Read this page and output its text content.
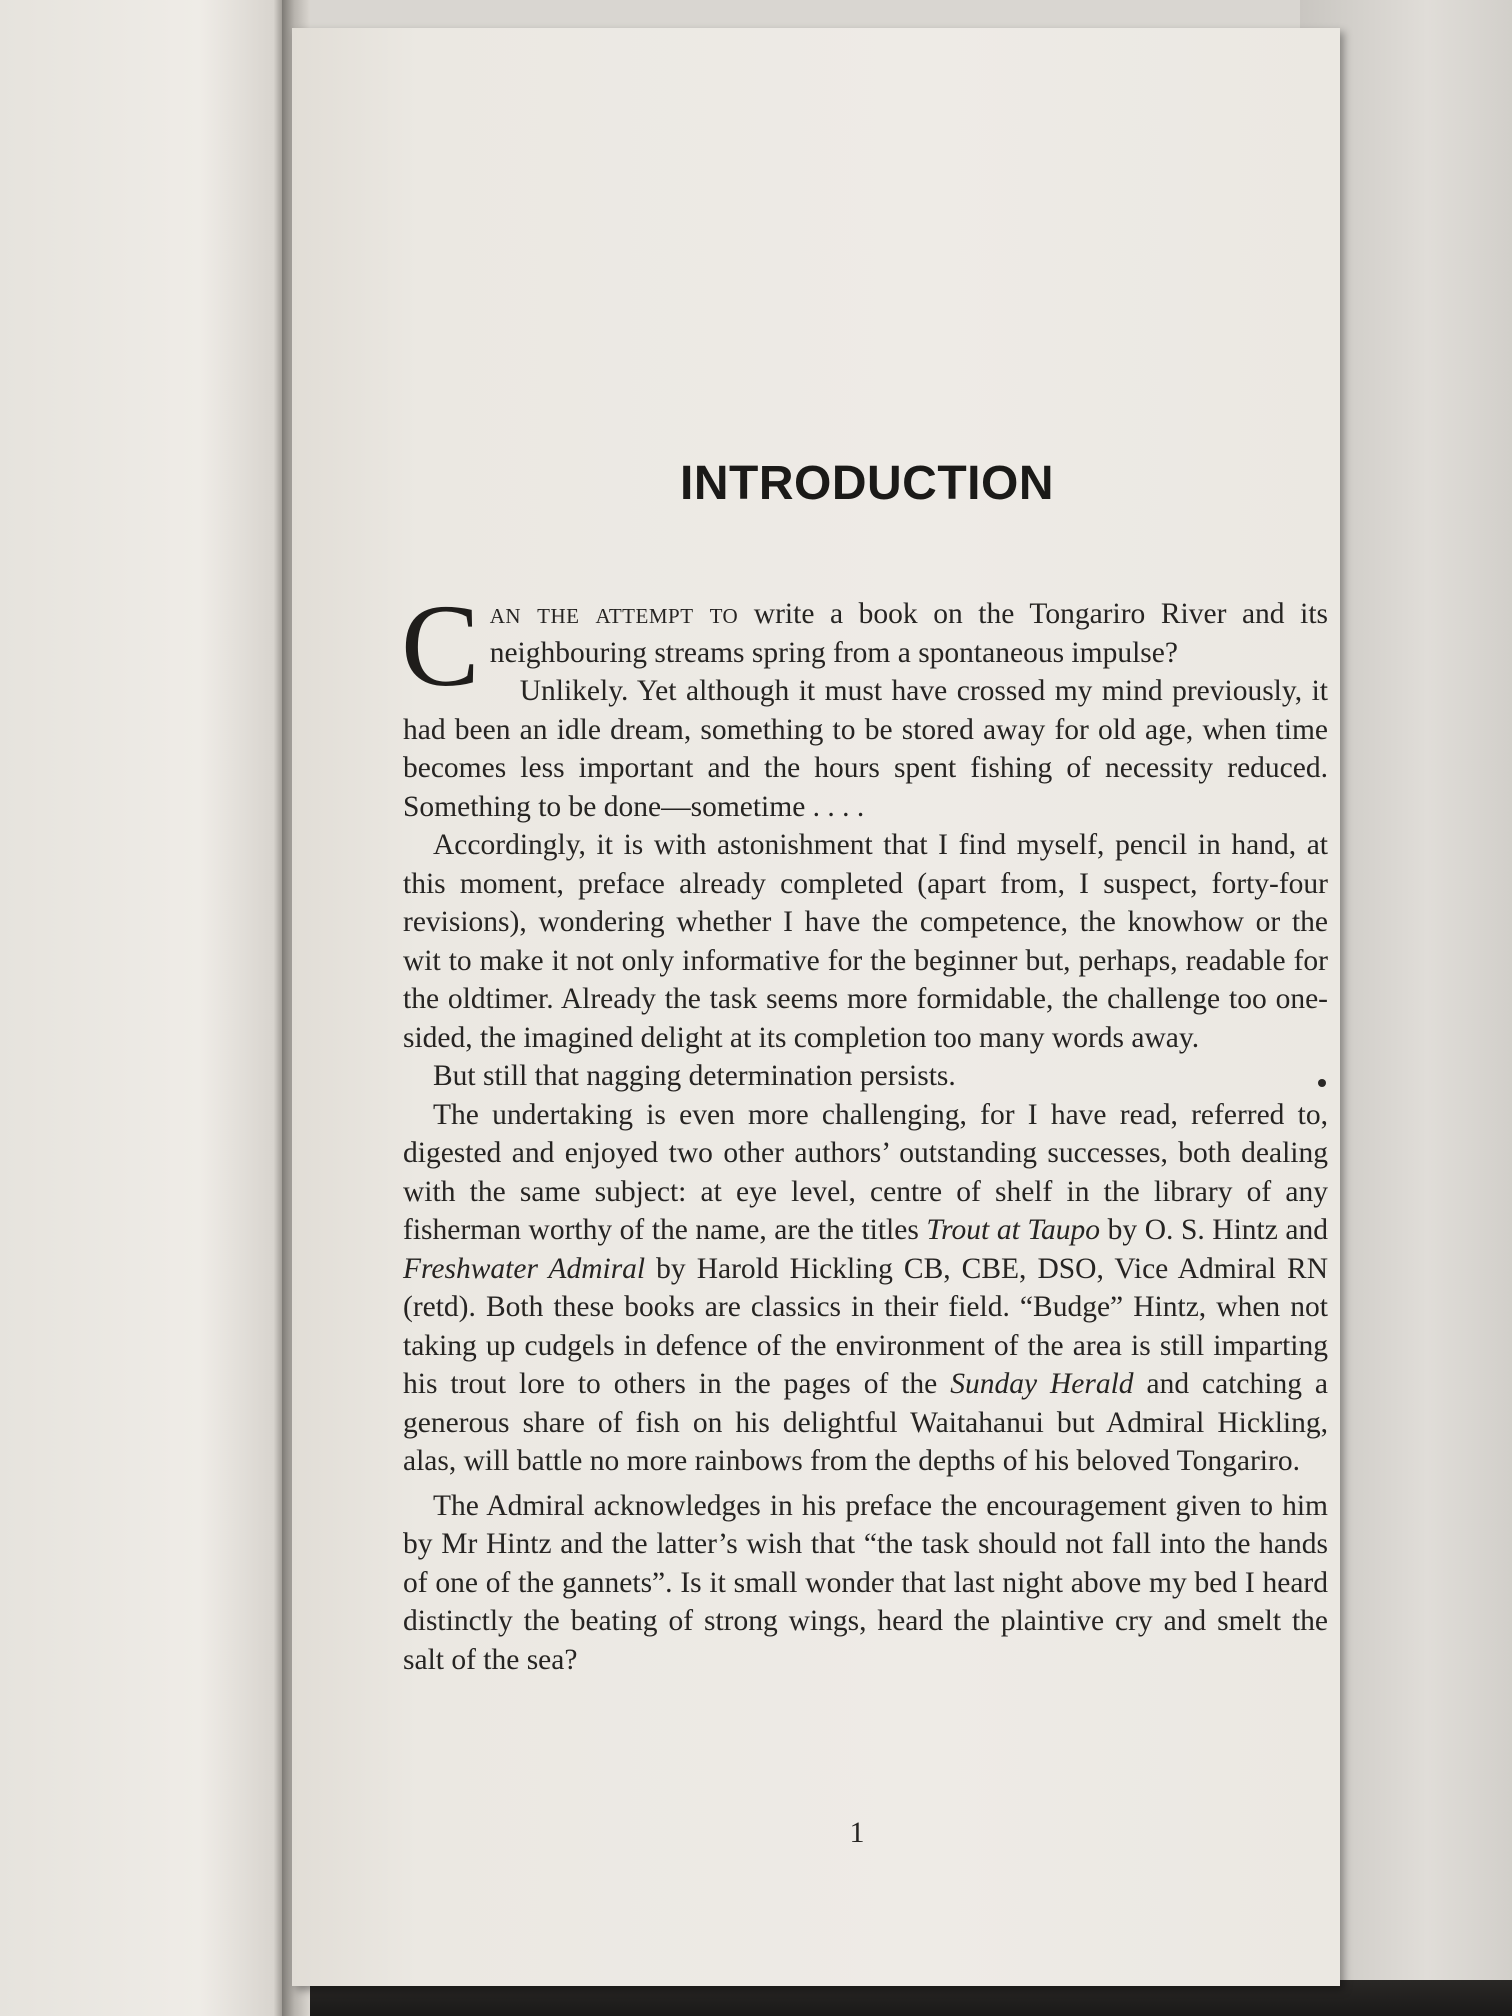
INTRODUCTION

Can the attempt to write a book on the Tongariro River and its neighbouring streams spring from a spontaneous impulse?

Unlikely. Yet although it must have crossed my mind previously, it had been an idle dream, something to be stored away for old age, when time becomes less important and the hours spent fishing of necessity reduced. Something to be done—sometime . . . .

Accordingly, it is with astonishment that I find myself, pencil in hand, at this moment, preface already completed (apart from, I suspect, forty-four revisions), wondering whether I have the competence, the knowhow or the wit to make it not only informative for the beginner but, perhaps, readable for the oldtimer. Already the task seems more formidable, the challenge too one-sided, the imagined delight at its completion too many words away.

But still that nagging determination persists.

The undertaking is even more challenging, for I have read, referred to, digested and enjoyed two other authors’ outstanding successes, both dealing with the same subject: at eye level, centre of shelf in the library of any fisherman worthy of the name, are the titles Trout at Taupo by O. S. Hintz and Freshwater Admiral by Harold Hickling CB, CBE, DSO, Vice Admiral RN (retd). Both these books are classics in their field. “Budge” Hintz, when not taking up cudgels in defence of the environment of the area is still imparting his trout lore to others in the pages of the Sunday Herald and catching a generous share of fish on his delightful Waitahanui but Admiral Hickling, alas, will battle no more rainbows from the depths of his beloved Tongariro.

The Admiral acknowledges in his preface the encouragement given to him by Mr Hintz and the latter’s wish that “the task should not fall into the hands of one of the gannets”. Is it small wonder that last night above my bed I heard distinctly the beating of strong wings, heard the plaintive cry and smelt the salt of the sea?

1
